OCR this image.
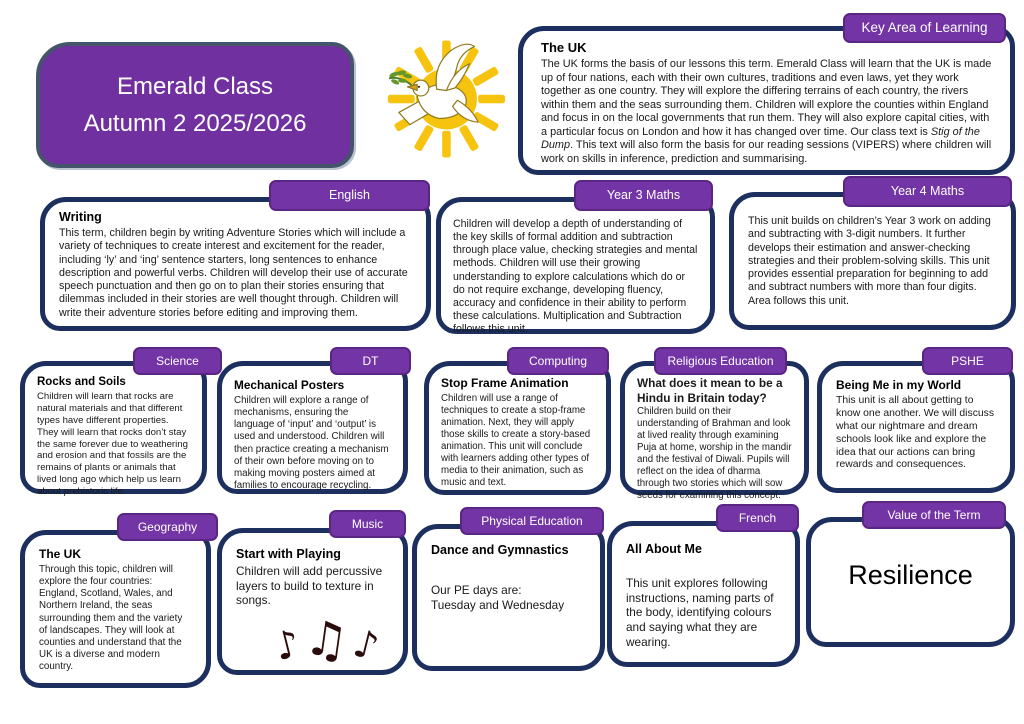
Emerald Class
Autumn 2 2025/2026
Key Area of Learning
The UK

The UK forms the basis of our lessons this term. Emerald Class will learn that the UK is made up of four nations, each with their own cultures, traditions and even laws, yet they work together as one country. They will explore the differing terrains of each country, the rivers within them and the seas surrounding them. Children will explore the counties within England and focus in on the local governments that run them. They will also explore capital cities, with a particular focus on London and how it has changed over time. Our class text is Stig of the Dump. This text will also form the basis for our reading sessions (VIPERS) where children will work on skills in inference, prediction and summarising.

English
Writing

This term, children begin by writing Adventure Stories which will include a variety of techniques to create interest and excitement for the reader, including ‘ly’ and ‘ing’ sentence starters, long sentences to enhance description and powerful verbs. Children will develop their use of accurate speech punctuation and then go on to plan their stories ensuring that dilemmas included in their stories are well thought through. Children will write their adventure stories before editing and improving them.

Year 3 Maths

Children will develop a depth of understanding of the key skills of formal addition and subtraction through place value, checking strategies and mental methods. Children will use their growing understanding to explore calculations which do or do not require exchange, developing fluency, accuracy and confidence in their ability to perform these calculations. Multiplication and Subtraction follows this unit.

Year 4 Maths

This unit builds on children’s Year 3 work on adding and subtracting with 3-digit numbers. It further develops their estimation and answer-checking strategies and their problem-solving skills. This unit provides essential preparation for beginning to add and subtract numbers with more than four digits. Area follows this unit.

Science
Rocks and Soils

Children will learn that rocks are natural materials and that different types have different properties. They will learn that rocks don’t stay the same forever due to weathering and erosion and that fossils are the remains of plants or animals that lived long ago which help us learn about prehistoric life.

DT
Mechanical Posters

Children will explore a range of mechanisms, ensuring the language of ‘input’ and ‘output’ is used and understood. Children will then practice creating a mechanism of their own before moving on to making moving posters aimed at families to encourage recycling.

Computing
Stop Frame Animation

Children will use a range of techniques to create a stop-frame animation. Next, they will apply those skills to create a story-based animation. This unit will conclude with learners adding other types of media to their animation, such as music and text.

Religious Education

What does it mean to be a Hindu in Britain today? Children build on their understanding of Brahman and look at lived reality through examining Puja at home, worship in the mandir and the festival of Diwali. Pupils will reflect on the idea of dharma through two stories which will sow seeds for examining this concept.

PSHE
Being Me in my World

This unit is all about getting to know one another. We will discuss what our nightmare and dream schools look like and explore the idea that our actions can bring rewards and consequences.

Geography
The UK

Through this topic, children will explore the four countries: England, Scotland, Wales, and Northern Ireland, the seas surrounding them and the variety of landscapes. They will look at counties and understand that the UK is a diverse and modern country.

Music
Start with Playing

Children will add percussive layers to build to texture in songs.

♪
♫
♪
Physical Education
Dance and Gymnastics

Our PE days are:

Tuesday and Wednesday

French
All About Me

This unit explores following instructions, naming parts of the body, identifying colours and saying what they are wearing.

Value of the Term
Resilience
